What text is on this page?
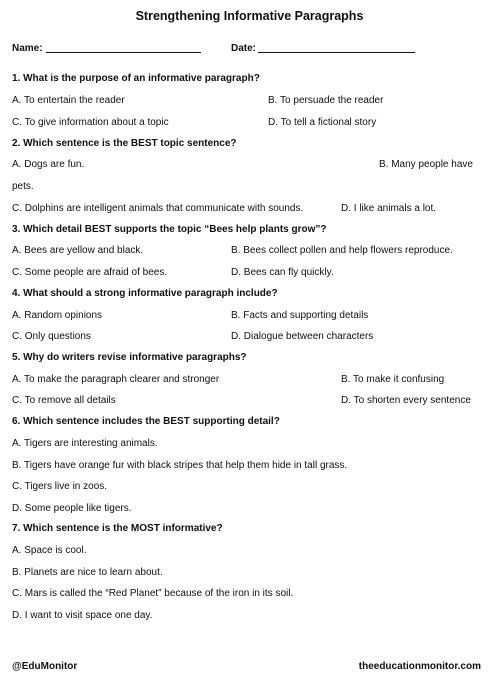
Strengthening Informative Paragraphs
Name:	Date:
1. What is the purpose of an informative paragraph?
A. To entertain the reader	B. To persuade the reader
C. To give information about a topic	D. To tell a fictional story
2. Which sentence is the BEST topic sentence?
A. Dogs are fun.	B. Many people have
pets.
C. Dolphins are intelligent animals that communicate with sounds.	D. I like animals a lot.
3. Which detail BEST supports the topic “Bees help plants grow”?
A. Bees are yellow and black.	B. Bees collect pollen and help flowers reproduce.
C. Some people are afraid of bees.	D. Bees can fly quickly.
4. What should a strong informative paragraph include?
A. Random opinions	B. Facts and supporting details
C. Only questions	D. Dialogue between characters
5. Why do writers revise informative paragraphs?
A. To make the paragraph clearer and stronger	B. To make it confusing
C. To remove all details	D. To shorten every sentence
6. Which sentence includes the BEST supporting detail?
A. Tigers are interesting animals.
B. Tigers have orange fur with black stripes that help them hide in tall grass.
C. Tigers live in zoos.
D. Some people like tigers.
7. Which sentence is the MOST informative?
A. Space is cool.
B. Planets are nice to learn about.
C. Mars is called the “Red Planet” because of the iron in its soil.
D. I want to visit space one day.
@EduMonitor	theeducationmonitor.com
